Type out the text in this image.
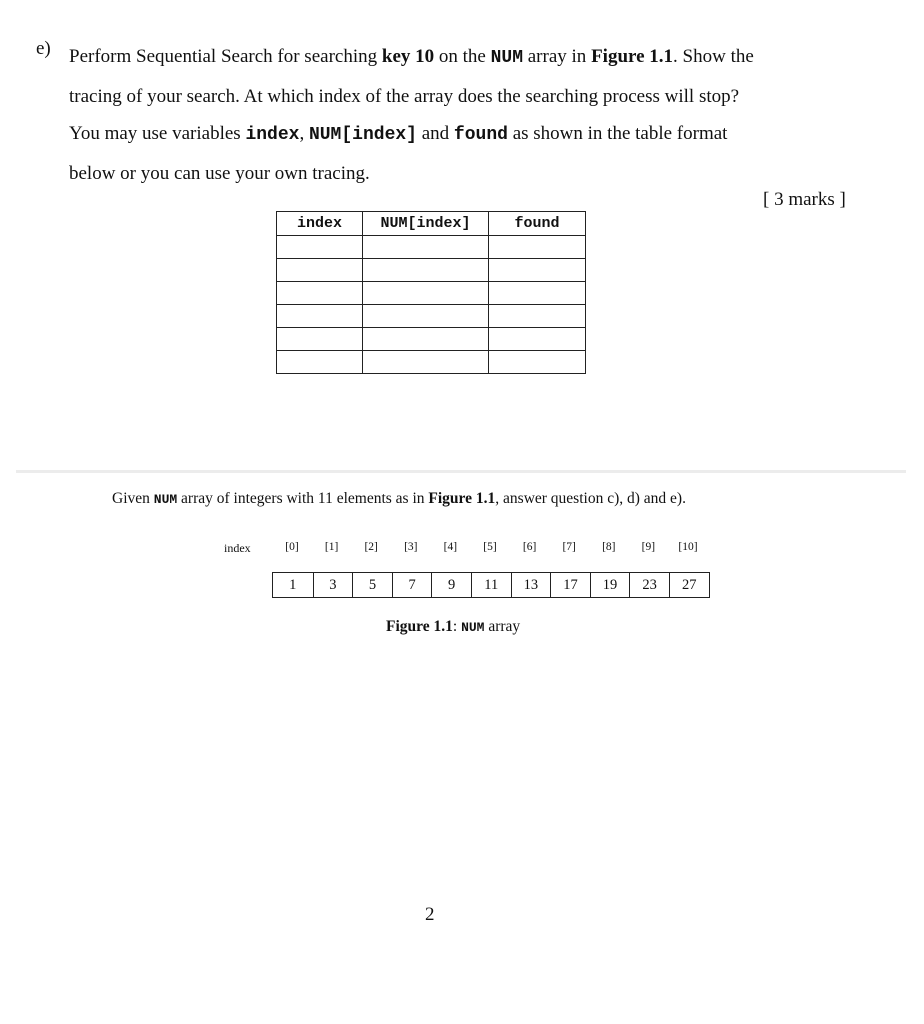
e) Perform Sequential Search for searching key 10 on the NUM array in Figure 1.1. Show the
tracing of your search. At which index of the array does the searching process will stop?
You may use variables index, NUM[index] and found as shown in the table format
below or you can use your own tracing.
[ 3 marks ]
index	NUM[index]	found

Given NUM array of integers with 11 elements as in Figure 1.1, answer question c), d) and e).
index	[0]	[1]	[2]	[3]	[4]	[5]	[6]	[7]	[8]	[9]	[10]
1	3	5	7	9	11	13	17	19	23	27
Figure 1.1: NUM array
2
